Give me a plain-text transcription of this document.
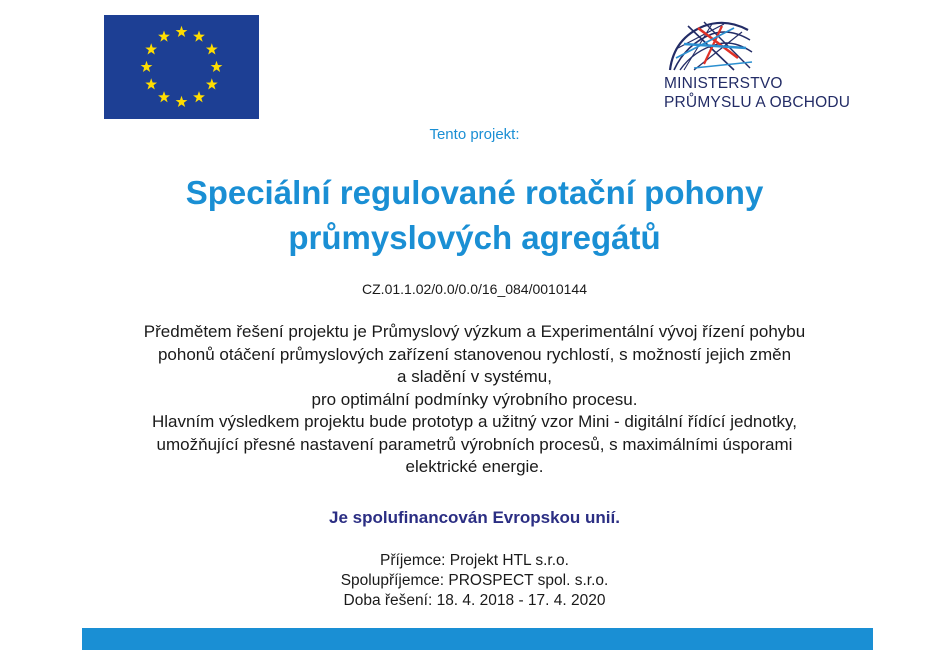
MINISTERSTVO
PRŮMYSLU A OBCHODU
Tento projekt:
Speciální regulované rotační pohony
průmyslových agregátů
CZ.01.1.02/0.0/0.0/16_084/0010144
Předmětem řešení projektu je Průmyslový výzkum a Experimentální vývoj řízení pohybu
pohonů otáčení průmyslových zařízení stanovenou rychlostí, s možností jejich změn
a sladění v systému,
pro optimální podmínky výrobního procesu.
Hlavním výsledkem projektu bude prototyp a užitný vzor Mini - digitální řídící jednotky,
umožňující přesné nastavení parametrů výrobních procesů, s maximálními úsporami
elektrické energie.
Je spolufinancován Evropskou unií.
Příjemce: Projekt HTL s.r.o.
Spolupříjemce: PROSPECT spol. s.r.o.
Doba řešení: 18. 4. 2018 - 17. 4. 2020
